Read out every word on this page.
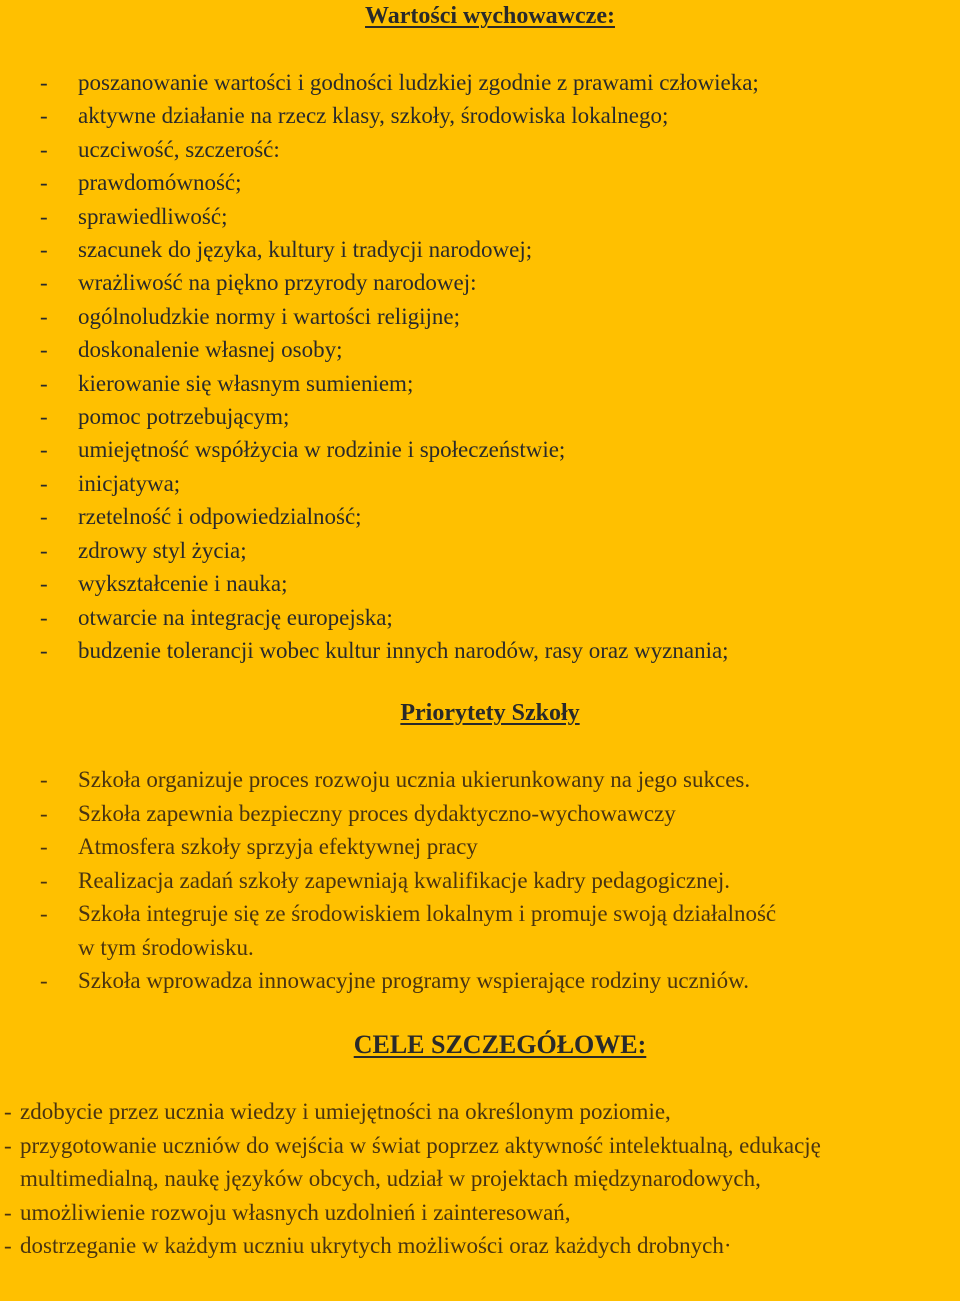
Wartości wychowawcze:
- poszanowanie wartości i godności ludzkiej zgodnie z prawami człowieka;
- aktywne działanie na rzecz klasy, szkoły, środowiska lokalnego;
- uczciwość, szczerość:
- prawdomówność;
- sprawiedliwość;
- szacunek do języka, kultury i tradycji narodowej;
- wrażliwość na piękno przyrody narodowej:
- ogólnoludzkie normy i wartości religijne;
- doskonalenie własnej osoby;
- kierowanie się własnym sumieniem;
- pomoc potrzebującym;
- umiejętność współżycia w rodzinie i społeczeństwie;
- inicjatywa;
- rzetelność i odpowiedzialność;
- zdrowy styl życia;
- wykształcenie i nauka;
- otwarcie na integrację europejska;
- budzenie tolerancji wobec kultur innych narodów, rasy oraz wyznania;
Priorytety Szkoły
- Szkoła organizuje proces rozwoju ucznia ukierunkowany na jego sukces.
- Szkoła zapewnia bezpieczny proces dydaktyczno-wychowawczy
- Atmosfera szkoły sprzyja efektywnej pracy
- Realizacja zadań szkoły zapewniają kwalifikacje kadry pedagogicznej.
- Szkoła integruje się ze środowiskiem lokalnym i promuje swoją działalność
w tym środowisku.
- Szkoła wprowadza innowacyjne programy wspierające rodziny uczniów.
CELE SZCZEGÓŁOWE:
- zdobycie przez ucznia wiedzy i umiejętności na określonym poziomie,
- przygotowanie uczniów do wejścia w świat poprzez aktywność intelektualną, edukację multimedialną, naukę języków obcych, udział w projektach międzynarodowych,
- umożliwienie rozwoju własnych uzdolnień i zainteresowań,
- dostrzeganie w każdym uczniu ukrytych możliwości oraz każdych drobnych·
